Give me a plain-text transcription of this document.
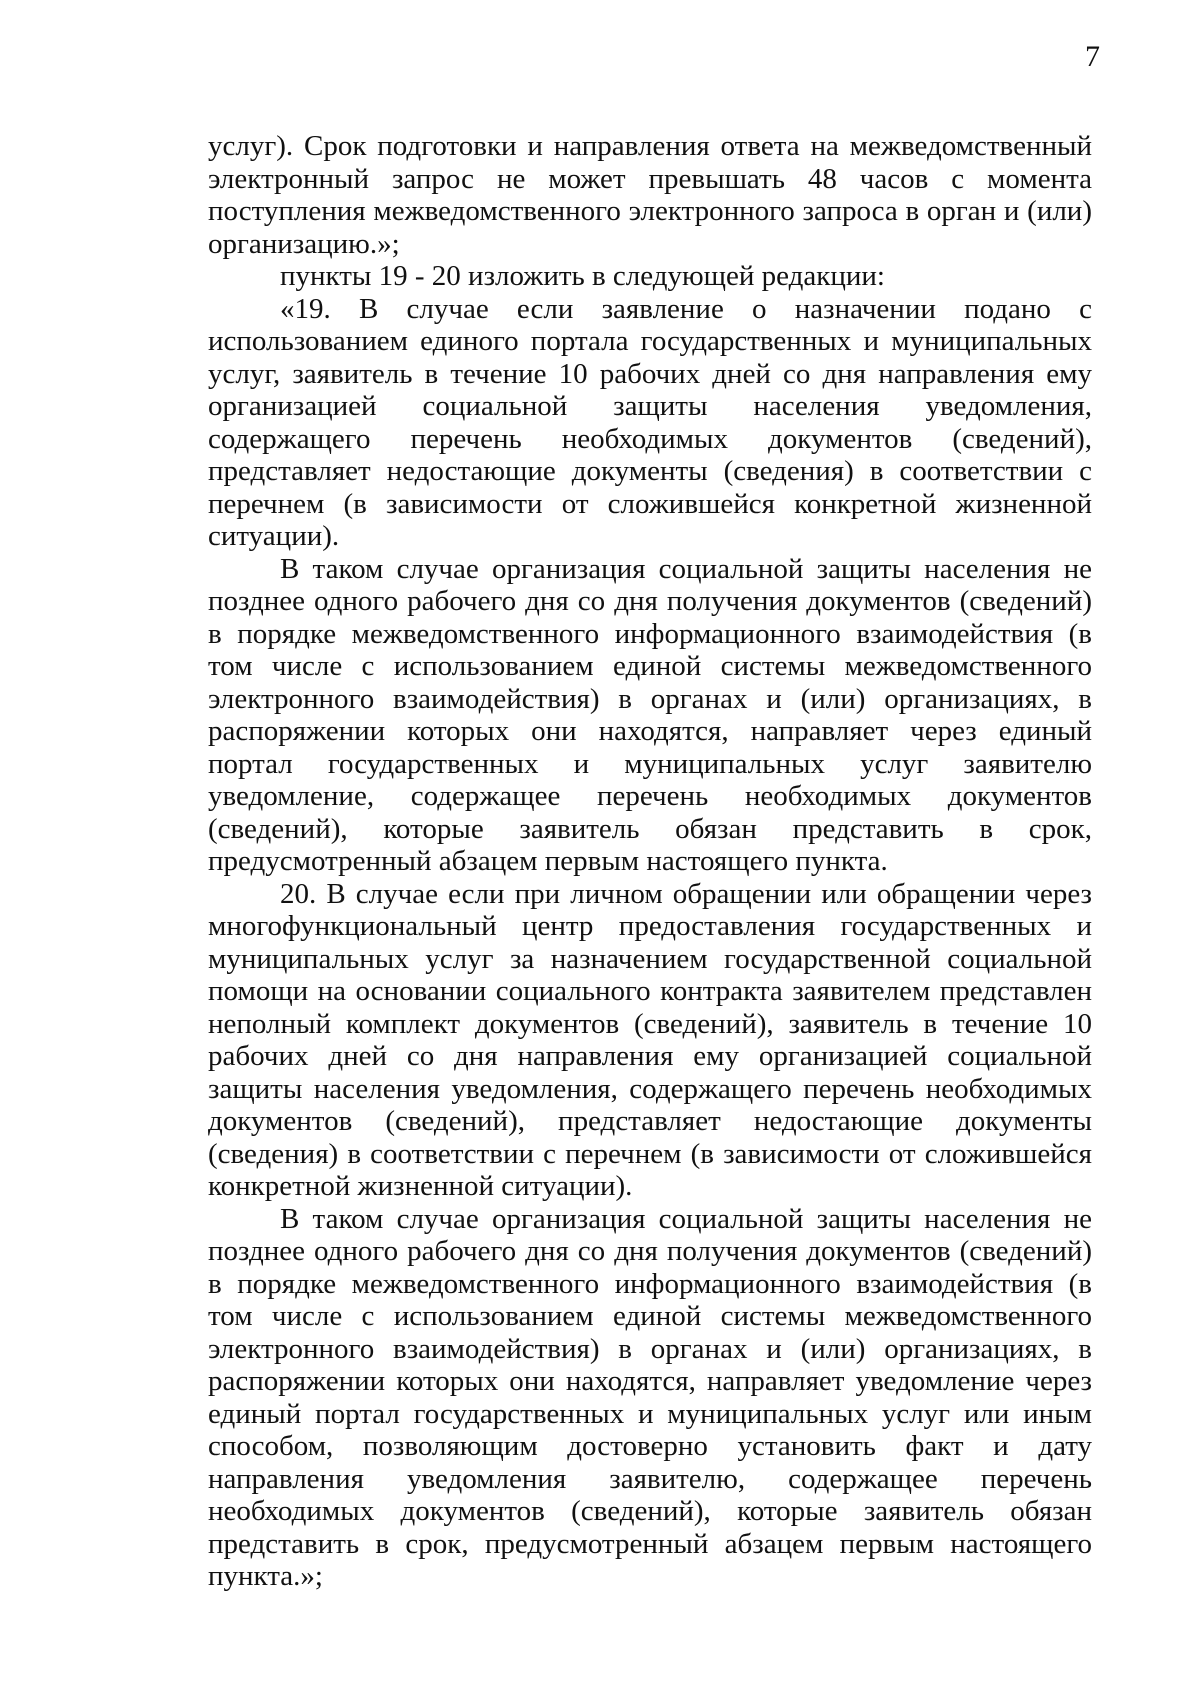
7

услуг). Срок подготовки и направления ответа на межведомственный электронный запрос не может превышать 48 часов с момента поступления межведомственного электронного запроса в орган и (или) организацию.»;

пункты 19 - 20 изложить в следующей редакции:

«19. В случае если заявление о назначении подано с использованием единого портала государственных и муниципальных услуг, заявитель в течение 10 рабочих дней со дня направления ему организацией социальной защиты населения уведомления, содержащего перечень необходимых документов (сведений), представляет недостающие документы (сведения) в соответствии с перечнем (в зависимости от сложившейся конкретной жизненной ситуации).

В таком случае организация социальной защиты населения не позднее одного рабочего дня со дня получения документов (сведений) в порядке межведомственного информационного взаимодействия (в том числе с использованием единой системы межведомственного электронного взаимодействия) в органах и (или) организациях, в распоряжении которых они находятся, направляет через единый портал государственных и муниципальных услуг заявителю уведомление, содержащее перечень необходимых документов (сведений), которые заявитель обязан представить в срок, предусмотренный абзацем первым настоящего пункта.

20. В случае если при личном обращении или обращении через многофункциональный центр предоставления государственных и муниципальных услуг за назначением государственной социальной помощи на основании социального контракта заявителем представлен неполный комплект документов (сведений), заявитель в течение 10 рабочих дней со дня направления ему организацией социальной защиты населения уведомления, содержащего перечень необходимых документов (сведений), представляет недостающие документы (сведения) в соответствии с перечнем (в зависимости от сложившейся конкретной жизненной ситуации).

В таком случае организация социальной защиты населения не позднее одного рабочего дня со дня получения документов (сведений) в порядке межведомственного информационного взаимодействия (в том числе с использованием единой системы межведомственного электронного взаимодействия) в органах и (или) организациях, в распоряжении которых они находятся, направляет уведомление через единый портал государственных и муниципальных услуг или иным способом, позволяющим достоверно установить факт и дату направления уведомления заявителю, содержащее перечень необходимых документов (сведений), которые заявитель обязан представить в срок, предусмотренный абзацем первым настоящего пункта.»;
